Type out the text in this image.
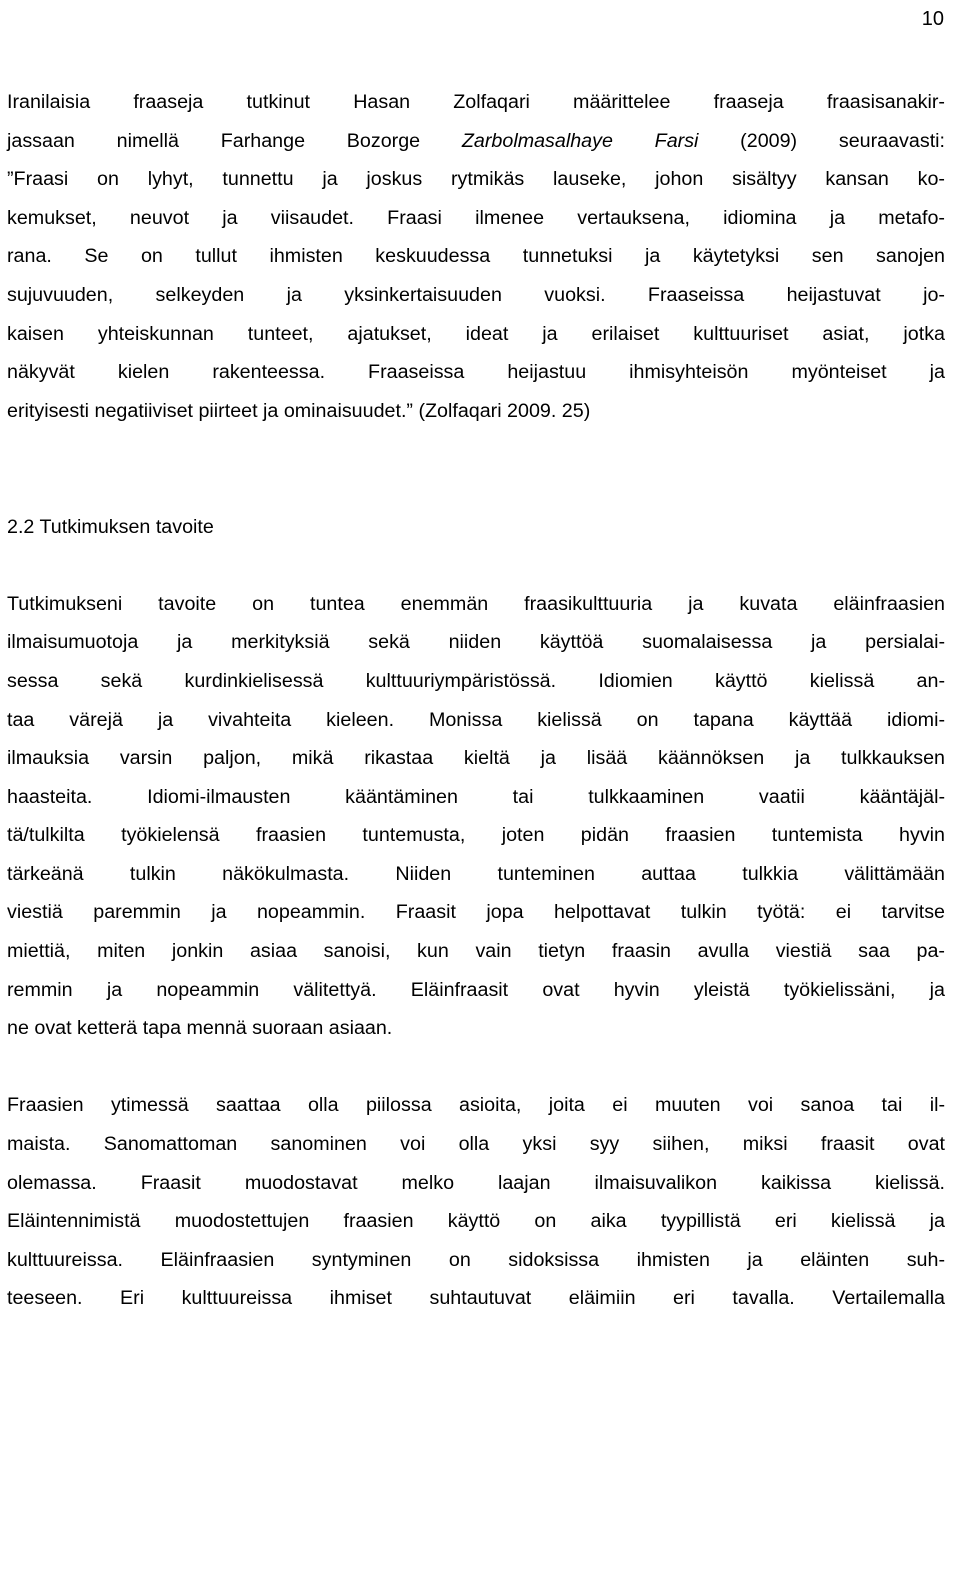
10
Iranilaisia fraaseja tutkinut Hasan Zolfaqari määrittelee fraaseja fraasisanakir-
jassaan nimellä Farhange Bozorge Zarbolmasalhaye Farsi (2009) seuraavasti:
”Fraasi on lyhyt, tunnettu ja joskus rytmikäs lauseke, johon sisältyy kansan ko-
kemukset, neuvot ja viisaudet. Fraasi ilmenee vertauksena, idiomina ja metafo-
rana. Se on tullut ihmisten keskuudessa tunnetuksi ja käytetyksi sen sanojen
sujuvuuden, selkeyden ja yksinkertaisuuden vuoksi. Fraaseissa heijastuvat jo-
kaisen yhteiskunnan tunteet, ajatukset, ideat ja erilaiset kulttuuriset asiat, jotka
näkyvät kielen rakenteessa. Fraaseissa heijastuu ihmisyhteisön myönteiset ja
erityisesti negatiiviset piirteet ja ominaisuudet.” (Zolfaqari 2009. 25)
2.2 Tutkimuksen tavoite
Tutkimukseni tavoite on tuntea enemmän fraasikulttuuria ja kuvata eläinfraasien
ilmaisumuotoja ja merkityksiä sekä niiden käyttöä suomalaisessa ja persialai-
sessa sekä kurdinkielisessä kulttuuriympäristössä. Idiomien käyttö kielissä an-
taa värejä ja vivahteita kieleen. Monissa kielissä on tapana käyttää idiomi-
ilmauksia varsin paljon, mikä rikastaa kieltä ja lisää käännöksen ja tulkkauksen
haasteita. Idiomi-ilmausten kääntäminen tai tulkkaaminen vaatii kääntäjäl-
tä/tulkilta työkielensä fraasien tuntemusta, joten pidän fraasien tuntemista hyvin
tärkeänä tulkin näkökulmasta. Niiden tunteminen auttaa tulkkia välittämään
viestiä paremmin ja nopeammin. Fraasit jopa helpottavat tulkin työtä: ei tarvitse
miettiä, miten jonkin asiaa sanoisi, kun vain tietyn fraasin avulla viestiä saa pa-
remmin ja nopeammin välitettyä. Eläinfraasit ovat hyvin yleistä työkielissäni, ja
ne ovat ketterä tapa mennä suoraan asiaan.
Fraasien ytimessä saattaa olla piilossa asioita, joita ei muuten voi sanoa tai il-
maista. Sanomattoman sanominen voi olla yksi syy siihen, miksi fraasit ovat
olemassa. Fraasit muodostavat melko laajan ilmaisuvalikon kaikissa kielissä.
Eläintennimistä muodostettujen fraasien käyttö on aika tyypillistä eri kielissä ja
kulttuureissa. Eläinfraasien syntyminen on sidoksissa ihmisten ja eläinten suh-
teeseen. Eri kulttuureissa ihmiset suhtautuvat eläimiin eri tavalla. Vertailemalla
